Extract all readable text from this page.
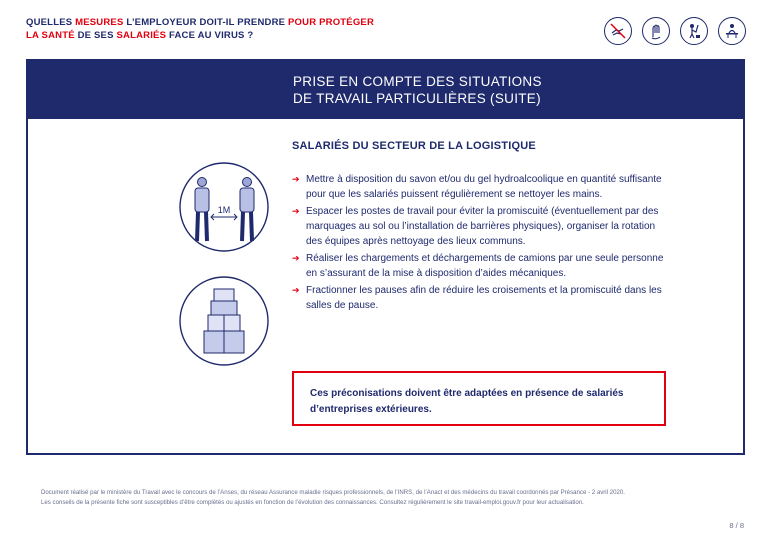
QUELLES MESURES L’EMPLOYEUR DOIT-IL PRENDRE POUR PROTÉGER
LA SANTÉ DE SES SALARIÉS FACE AU VIRUS ?
PRISE EN COMPTE DES SITUATIONS
DE TRAVAIL PARTICULIÈRES (SUITE)
1M
SALARIÉS DU SECTEUR DE LA LOGISTIQUE
➔ Mettre à disposition du savon et/ou du gel hydroalcoolique en quantité suffisante pour que les salariés puissent régulièrement se nettoyer les mains.
➔ Espacer les postes de travail pour éviter la promiscuité (éventuellement par des marquages au sol ou l’installation de barrières physiques), organiser la rotation des équipes après nettoyage des lieux communs.
➔ Réaliser les chargements et déchargements de camions par une seule personne en s’assurant de la mise à disposition d’aides mécaniques.
➔ Fractionner les pauses afin de réduire les croisements et la promiscuité dans les salles de pause.
Ces préconisations doivent être adaptées en présence de salariés d’entreprises extérieures.
Document réalisé par le ministère du Travail avec le concours de l’Anses, du réseau Assurance maladie risques professionnels, de l’INRS, de l’Anact et des médecins du travail coordonnés par Présance - 2 avril 2020.
Les conseils de la présente fiche sont susceptibles d’être complétés ou ajustés en fonction de l’évolution des connaissances. Consultez régulièrement le site travail-emploi.gouv.fr pour leur actualisation.
8 / 8
